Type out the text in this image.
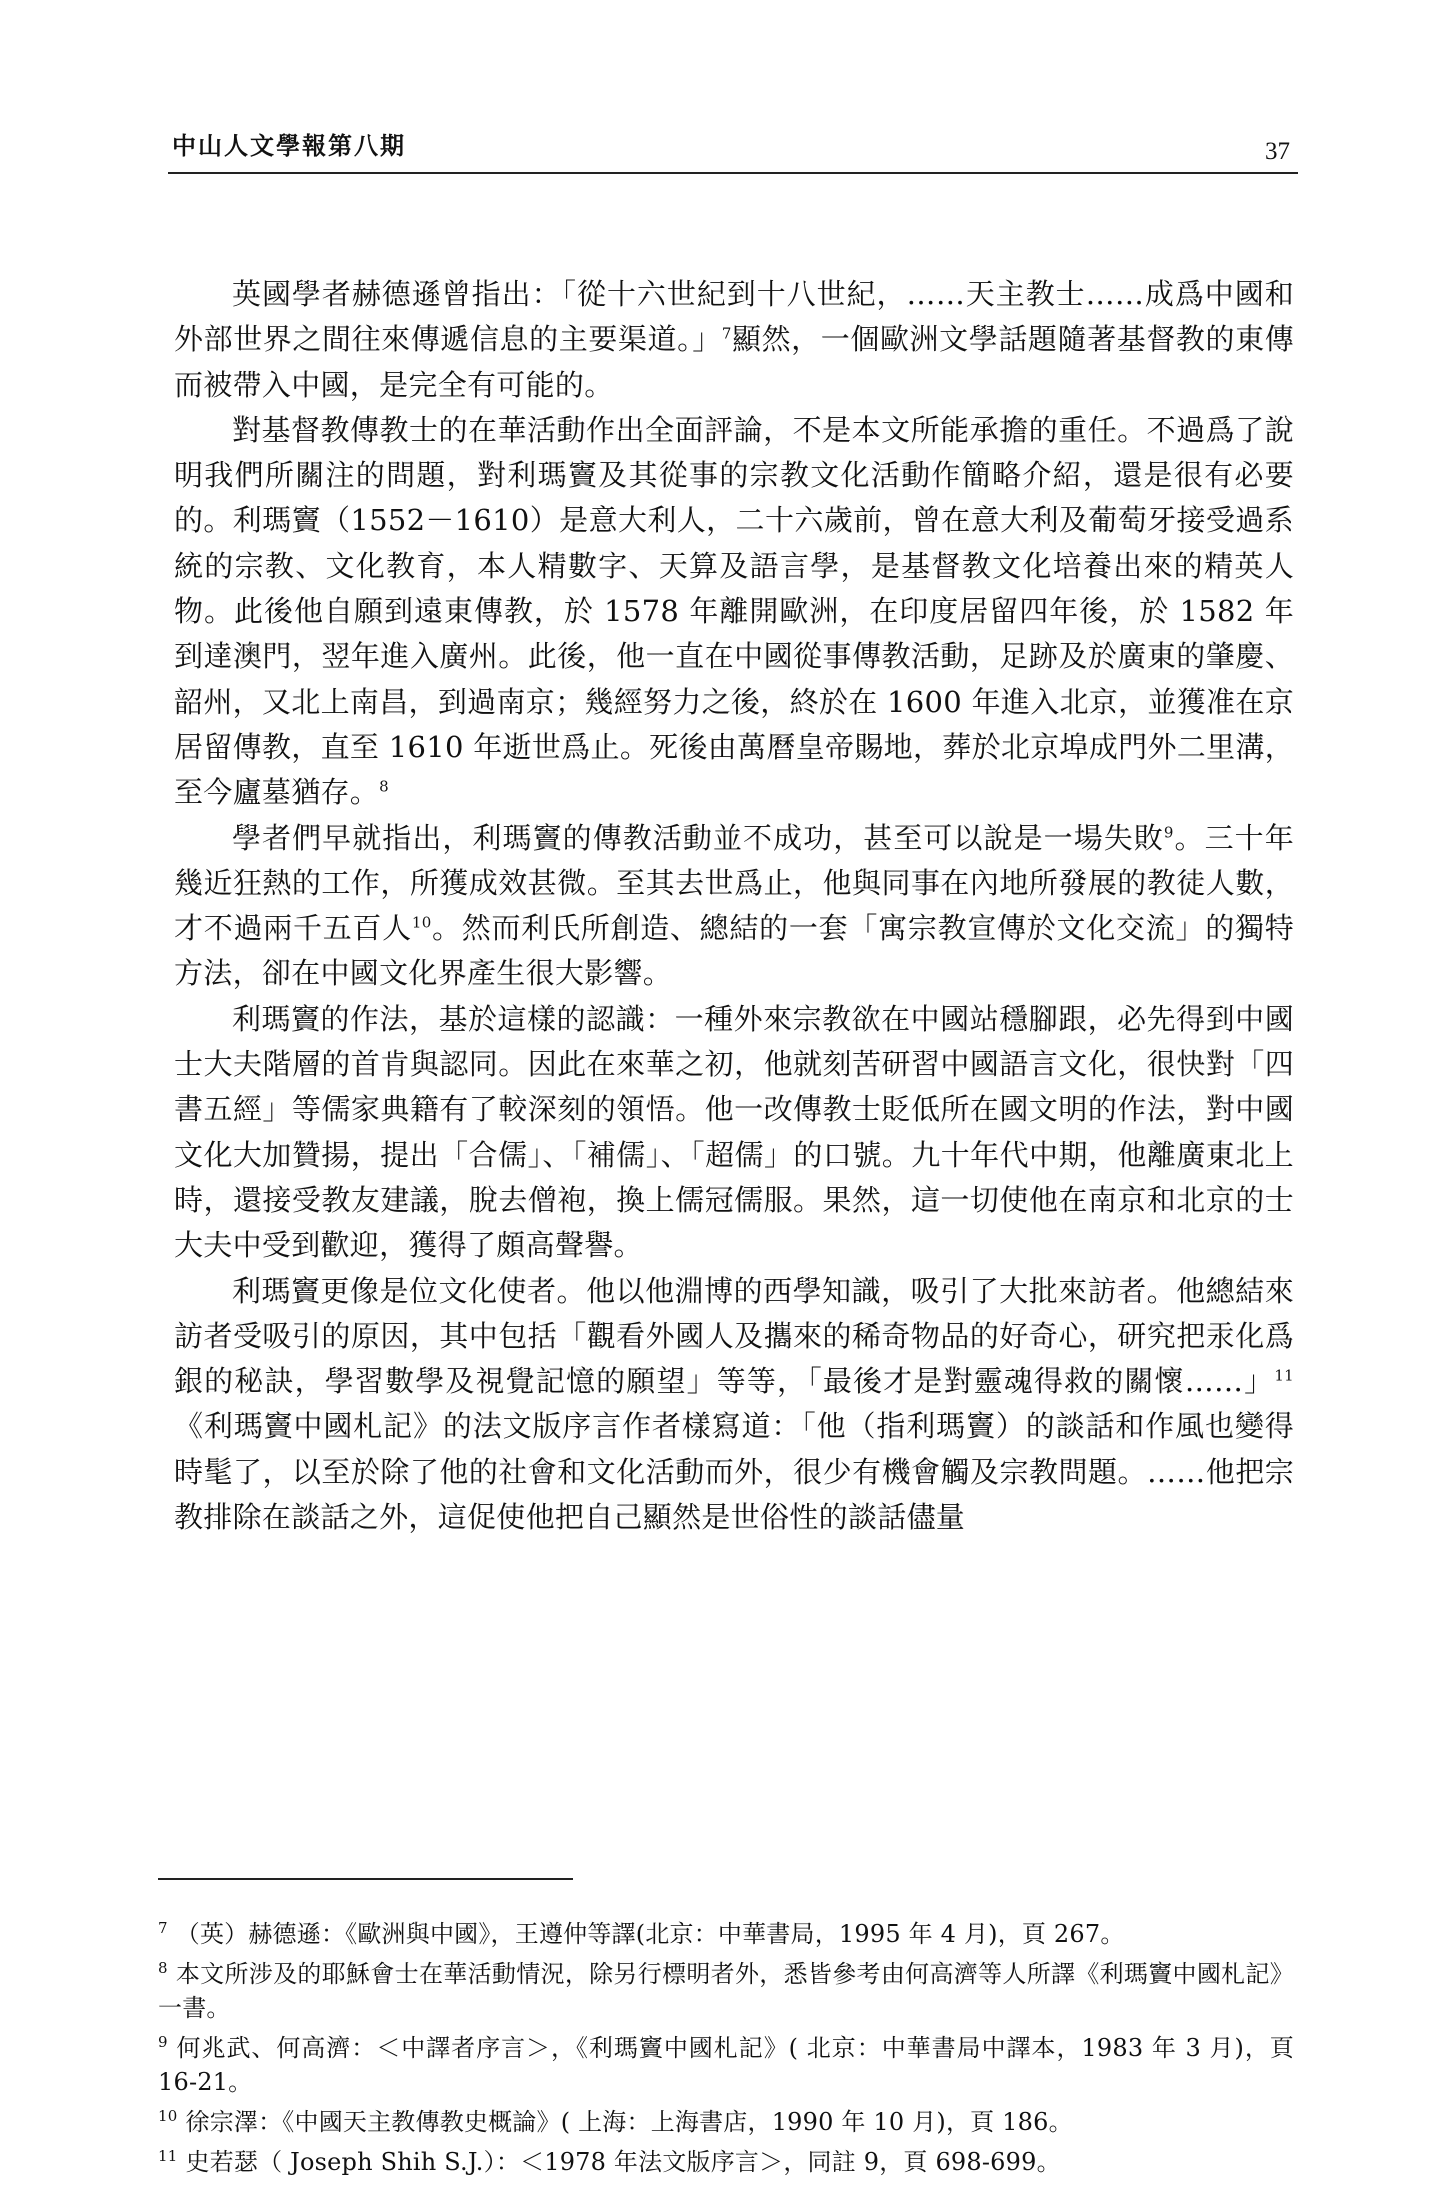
中山人文學報第八期	37

英國學者赫德遜曾指出：「從十六世紀到十八世紀，……天主教士……成爲中國和外部世界之間往來傳遞信息的主要渠道。」$^7$顯然，一個歐洲文學話題隨著基督教的東傳而被帶入中國，是完全有可能的。

對基督教傳教士的在華活動作出全面評論，不是本文所能承擔的重任。不過爲了說明我們所關注的問題，對利瑪竇及其從事的宗教文化活動作簡略介紹，還是很有必要的。利瑪竇（1552－1610）是意大利人，二十六歲前，曾在意大利及葡萄牙接受過系統的宗教、文化教育，本人精數字、天算及語言學，是基督教文化培養出來的精英人物。此後他自願到遠東傳教，於 1578 年離開歐洲，在印度居留四年後，於 1582 年到達澳門，翌年進入廣州。此後，他一直在中國從事傳教活動，足跡及於廣東的肇慶、韶州，又北上南昌，到過南京；幾經努力之後，終於在 1600 年進入北京，並獲准在京居留傳教，直至 1610 年逝世爲止。死後由萬曆皇帝賜地，葬於北京埠成門外二里溝，至今廬墓猶存。$^8$

學者們早就指出，利瑪竇的傳教活動並不成功，甚至可以說是一場失敗$^9$。三十年幾近狂熱的工作，所獲成效甚微。至其去世爲止，他與同事在內地所發展的教徒人數，才不過兩千五百人$^{10}$。然而利氏所創造、總結的一套「寓宗教宣傳於文化交流」的獨特方法，卻在中國文化界產生很大影響。

利瑪竇的作法，基於這樣的認識：一種外來宗教欲在中國站穩腳跟，必先得到中國士大夫階層的首肯與認同。因此在來華之初，他就刻苦研習中國語言文化，很快對「四書五經」等儒家典籍有了較深刻的領悟。他一改傳教士貶低所在國文明的作法，對中國文化大加贊揚，提出「合儒」、「補儒」、「超儒」的口號。九十年代中期，他離廣東北上時，還接受教友建議，脫去僧袍，換上儒冠儒服。果然，這一切使他在南京和北京的士大夫中受到歡迎，獲得了頗高聲譽。

利瑪竇更像是位文化使者。他以他淵博的西學知識，吸引了大批來訪者。他總結來訪者受吸引的原因，其中包括「觀看外國人及攜來的稀奇物品的好奇心，研究把汞化爲銀的秘訣，學習數學及視覺記憶的願望」等等，「最後才是對靈魂得救的關懷……」$^{11}$《利瑪竇中國札記》的法文版序言作者樣寫道：「他（指利瑪竇）的談話和作風也變得時髦了，以至於除了他的社會和文化活動而外，很少有機會觸及宗教問題。……他把宗教排除在談話之外，這促使他把自己顯然是世俗性的談話儘量

$^7$ （英）赫德遜：《歐洲與中國》，王遵仲等譯(北京：中華書局，1995 年 4 月)，頁 267。

$^8$ 本文所涉及的耶穌會士在華活動情況，除另行標明者外，悉皆參考由何高濟等人所譯《利瑪竇中國札記》 一書。

$^9$ 何兆武、何高濟：＜中譯者序言＞，《利瑪竇中國札記》( 北京：中華書局中譯本，1983 年 3 月)，頁 16-21。

$^{10}$ 徐宗澤：《中國天主教傳教史概論》( 上海：上海書店，1990 年 10 月)，頁 186。

$^{11}$ 史若瑟（ Joseph Shih S.J.）：＜1978 年法文版序言＞，同註 9，頁 698-699。
